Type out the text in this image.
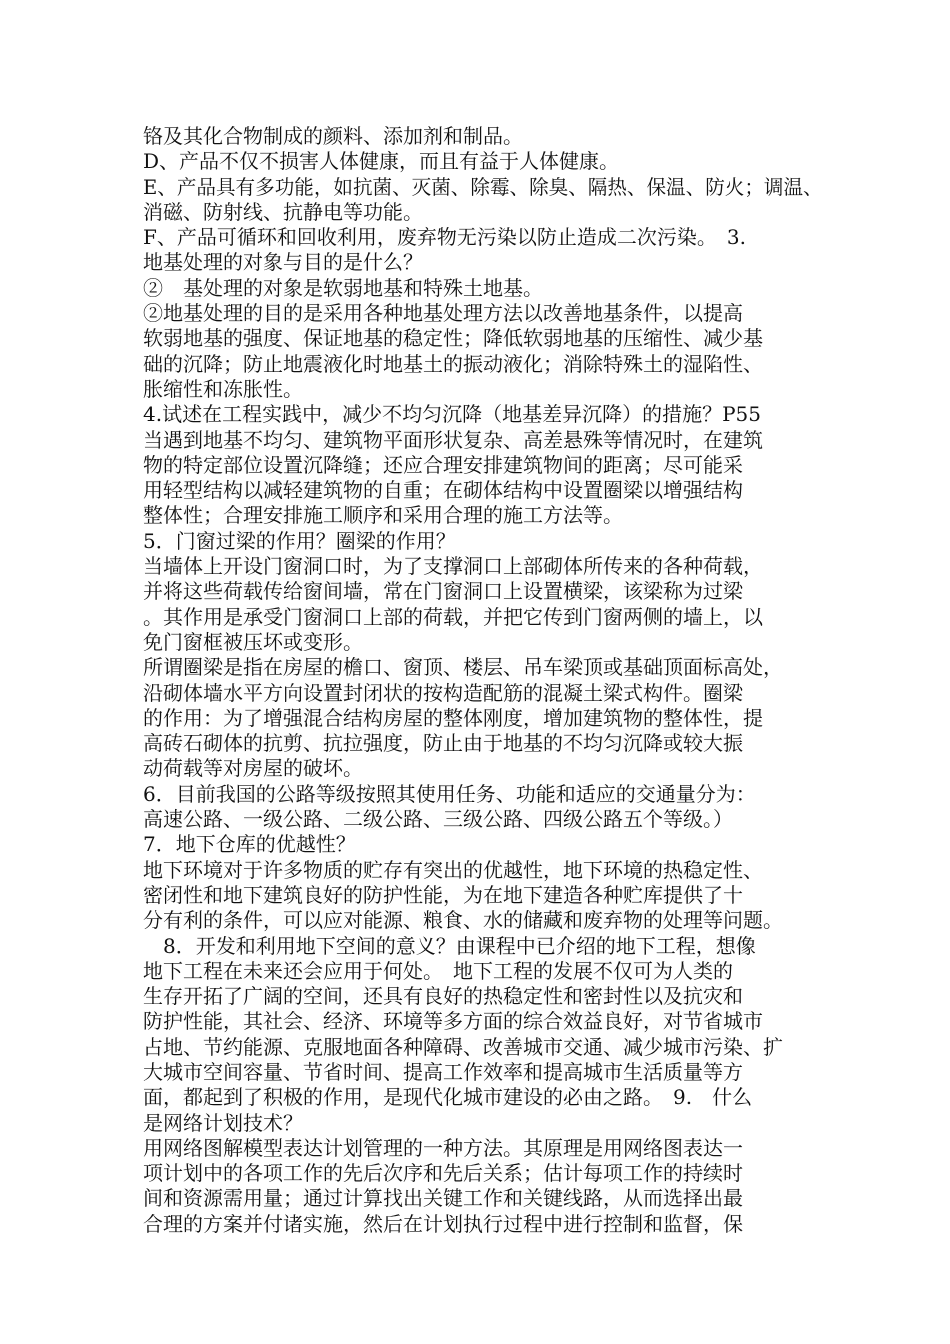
铬及其化合物制成的颜料、添加剂和制品。
D、产品不仅不损害人体健康，而且有益于人体健康。
E、产品具有多功能，如抗菌、灭菌、除霉、除臭、隔热、保温、防火；调温、
消磁、防射线、抗静电等功能。
F、产品可循环和回收利用，废弃物无污染以防止造成二次污染。　3.
地基处理的对象与目的是什么？
②　基处理的对象是软弱地基和特殊土地基。
②地基处理的目的是采用各种地基处理方法以改善地基条件，以提高
软弱地基的强度、保证地基的稳定性；降低软弱地基的压缩性、减少基
础的沉降；防止地震液化时地基土的振动液化；消除特殊土的湿陷性、
胀缩性和冻胀性。
4.试述在工程实践中，减少不均匀沉降（地基差异沉降）的措施？P55
当遇到地基不均匀、建筑物平面形状复杂、高差悬殊等情况时，在建筑
物的特定部位设置沉降缝；还应合理安排建筑物间的距离；尽可能采
用轻型结构以减轻建筑物的自重；在砌体结构中设置圈梁以增强结构
整体性；合理安排施工顺序和采用合理的施工方法等。
5．门窗过梁的作用？圈梁的作用？
当墙体上开设门窗洞口时，为了支撑洞口上部砌体所传来的各种荷载，
并将这些荷载传给窗间墙，常在门窗洞口上设置横梁，该梁称为过梁
。其作用是承受门窗洞口上部的荷载，并把它传到门窗两侧的墙上，以
免门窗框被压坏或变形。
所谓圈梁是指在房屋的檐口、窗顶、楼层、吊车梁顶或基础顶面标高处，
沿砌体墙水平方向设置封闭状的按构造配筋的混凝土梁式构件。圈梁
的作用：为了增强混合结构房屋的整体刚度，增加建筑物的整体性，提
高砖石砌体的抗剪、抗拉强度，防止由于地基的不均匀沉降或较大振
动荷载等对房屋的破坏。
6．目前我国的公路等级按照其使用任务、功能和适应的交通量分为：
高速公路、一级公路、二级公路、三级公路、四级公路五个等级。）
7．地下仓库的优越性？
地下环境对于许多物质的贮存有突出的优越性，地下环境的热稳定性、
密闭性和地下建筑良好的防护性能，为在地下建造各种贮库提供了十
分有利的条件，可以应对能源、粮食、水的储藏和废弃物的处理等问题。
　8．开发和利用地下空间的意义？由课程中已介绍的地下工程，想像
地下工程在未来还会应用于何处。　地下工程的发展不仅可为人类的
生存开拓了广阔的空间，还具有良好的热稳定性和密封性以及抗灾和
防护性能，其社会、经济、环境等多方面的综合效益良好，对节省城市
占地、节约能源、克服地面各种障碍、改善城市交通、减少城市污染、扩
大城市空间容量、节省时间、提高工作效率和提高城市生活质量等方
面，都起到了积极的作用，是现代化城市建设的必由之路。　9.　什么
是网络计划技术？
用网络图解模型表达计划管理的一种方法。其原理是用网络图表达一
项计划中的各项工作的先后次序和先后关系；估计每项工作的持续时
间和资源需用量；通过计算找出关键工作和关键线路，从而选择出最
合理的方案并付诸实施，然后在计划执行过程中进行控制和监督，保
